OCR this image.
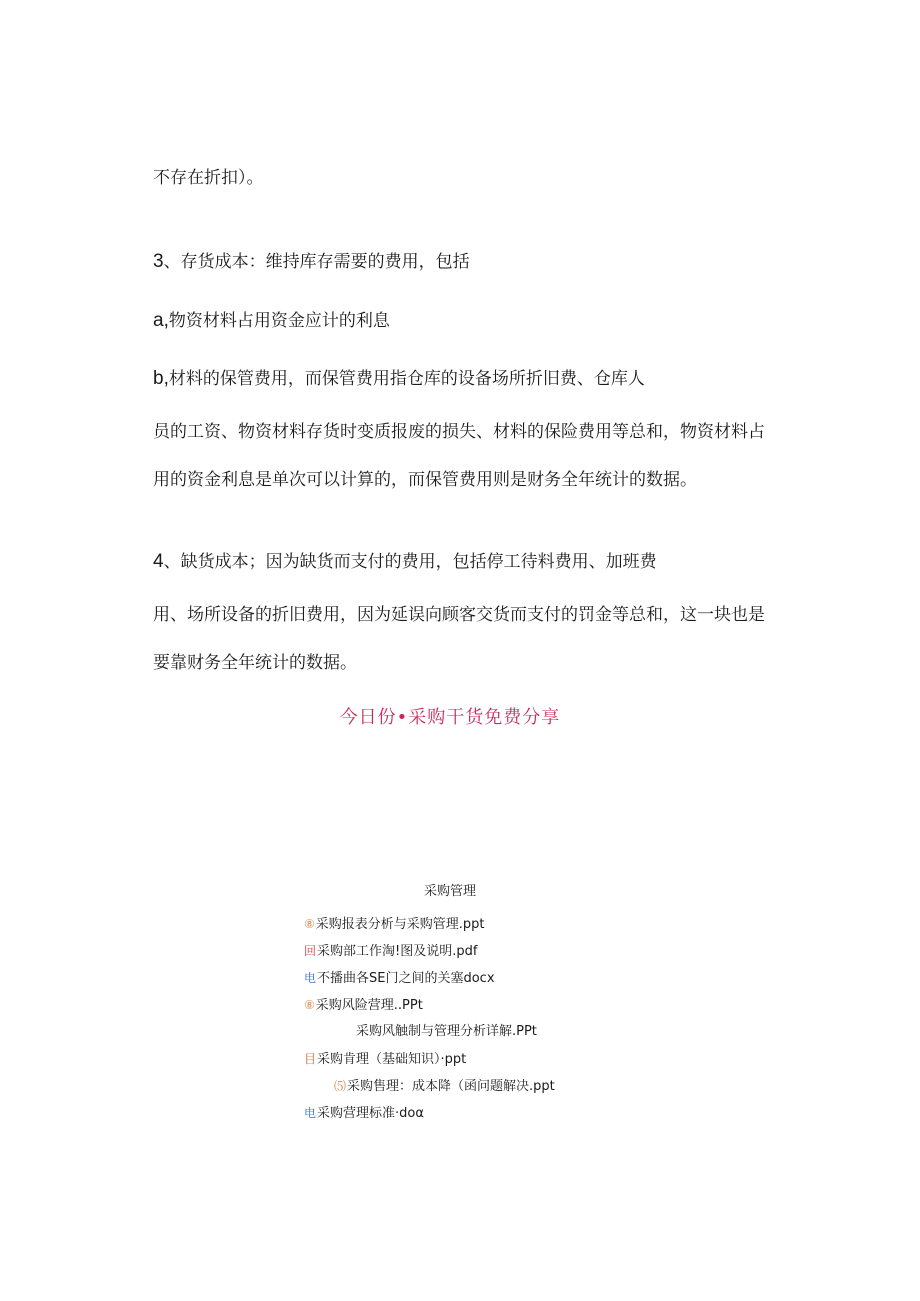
不存在折扣）。
3、存货成本：维持库存需要的费用，包括
a,物资材料占用资金应计的利息
b,材料的保管费用，而保管费用指仓库的设备场所折旧费、仓库人
员的工资、物资材料存货时变质报废的损失、材料的保险费用等总和，物资材料占
用的资金利息是单次可以计算的，而保管费用则是财务全年统计的数据。
4、缺货成本；因为缺货而支付的费用，包括停工待料费用、加班费
用、场所设备的折旧费用，因为延误向顾客交货而支付的罚金等总和，这一块也是
要靠财务全年统计的数据。
今日份•采购干货免费分享
采购管理
⑧采购报表分析与采购管理.ppt
回采购部工作淘!图及说明.pdf
电不播曲各SE门之间的关塞docx
⑧采购风险营理..PPt
采购风触制与管理分析详解.PPt
目采购肯理（基础知识）·ppt
⑸采购售理：成本降（函问题解决.ppt
电采购营理标准·doα
